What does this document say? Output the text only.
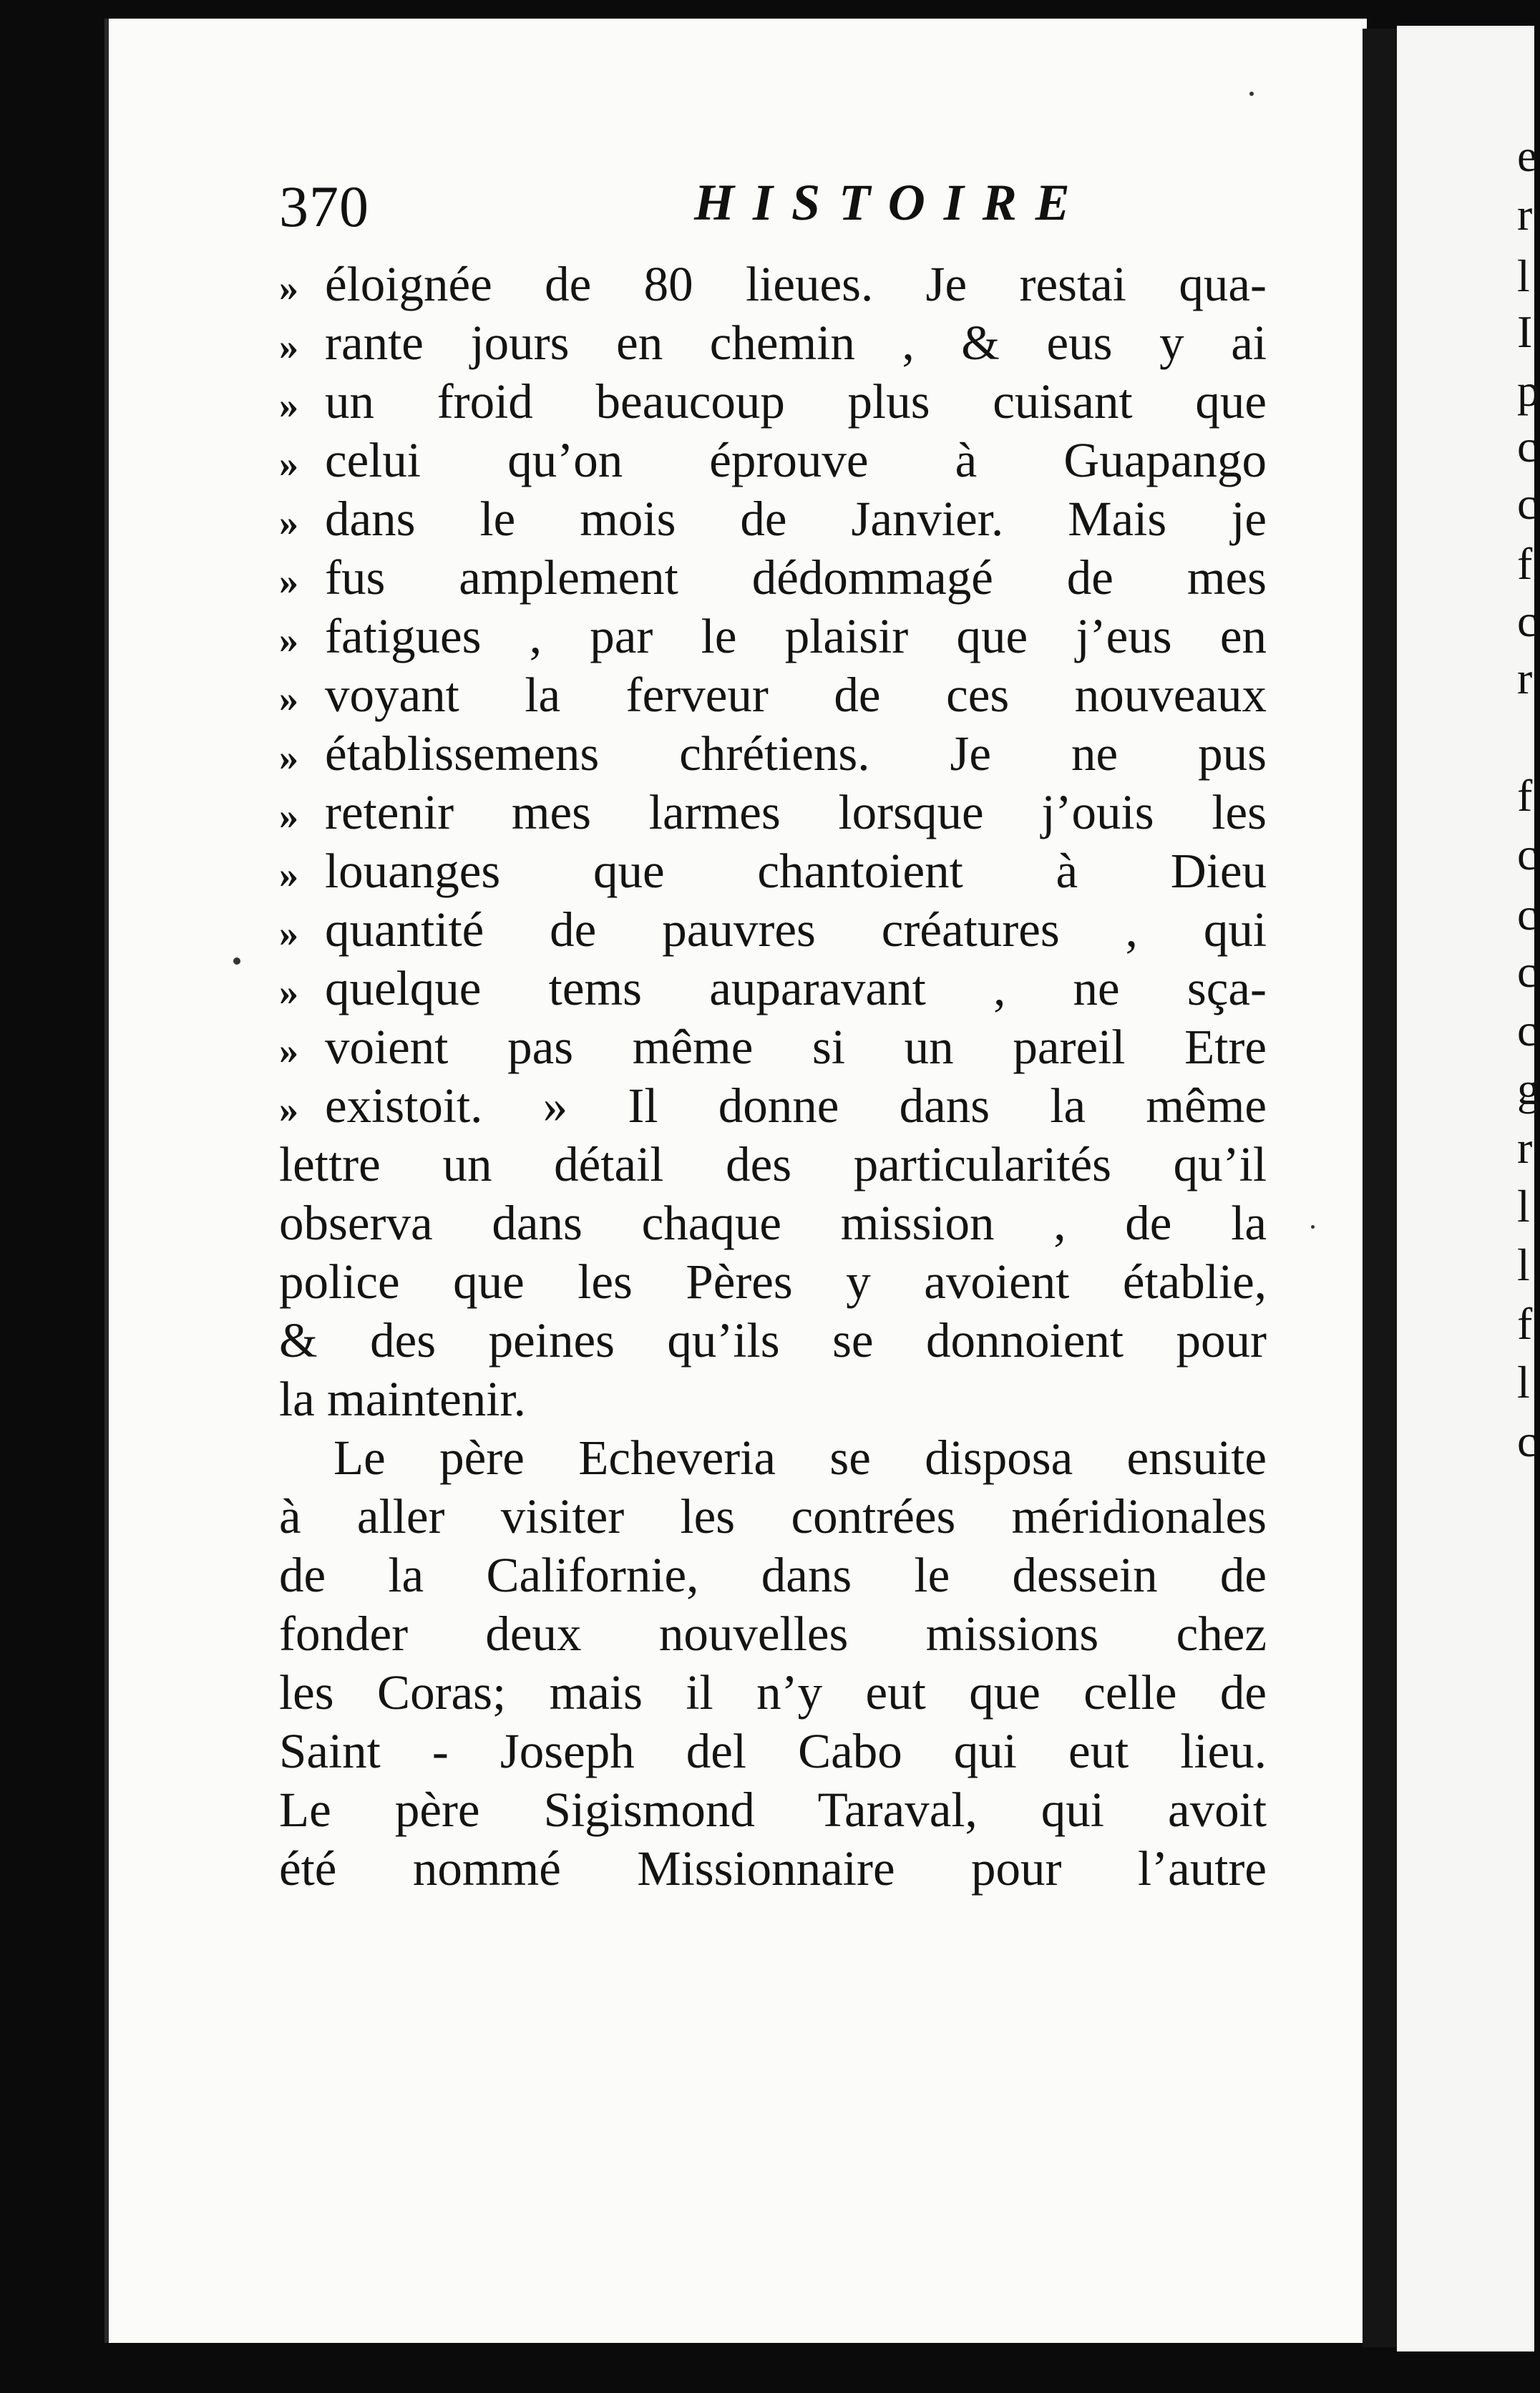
e
r
l
I
p
c
c
f
c
r
f
c
c
c
c
g
r
l
l
f
l
c
370	HISTOIRE
» éloignée de 80 lieues. Je restai qua-
» rante jours en chemin , & eus y ai
» un froid beaucoup plus cuisant que
» celui qu’on éprouve à Guapango
» dans le mois de Janvier. Mais je
» fus amplement dédommagé de mes
» fatigues , par le plaisir que j’eus en
» voyant la ferveur de ces nouveaux
» établissemens chrétiens. Je ne pus
» retenir mes larmes lorsque j’ouis les
» louanges que chantoient à Dieu
» quantité de pauvres créatures , qui
» quelque tems auparavant , ne sça-
» voient pas même si un pareil Etre
» existoit. » Il donne dans la même
lettre un détail des particularités qu’il
observa dans chaque mission , de la
police que les Pères y avoient établie,
& des peines qu’ils se donnoient pour
la maintenir.
Le père Echeveria se disposa ensuite
à aller visiter les contrées méridionales
de la Californie, dans le dessein de
fonder deux nouvelles missions chez
les Coras; mais il n’y eut que celle de
Saint - Joseph del Cabo qui eut lieu.
Le père Sigismond Taraval, qui avoit
été nommé Missionnaire pour l’autre
